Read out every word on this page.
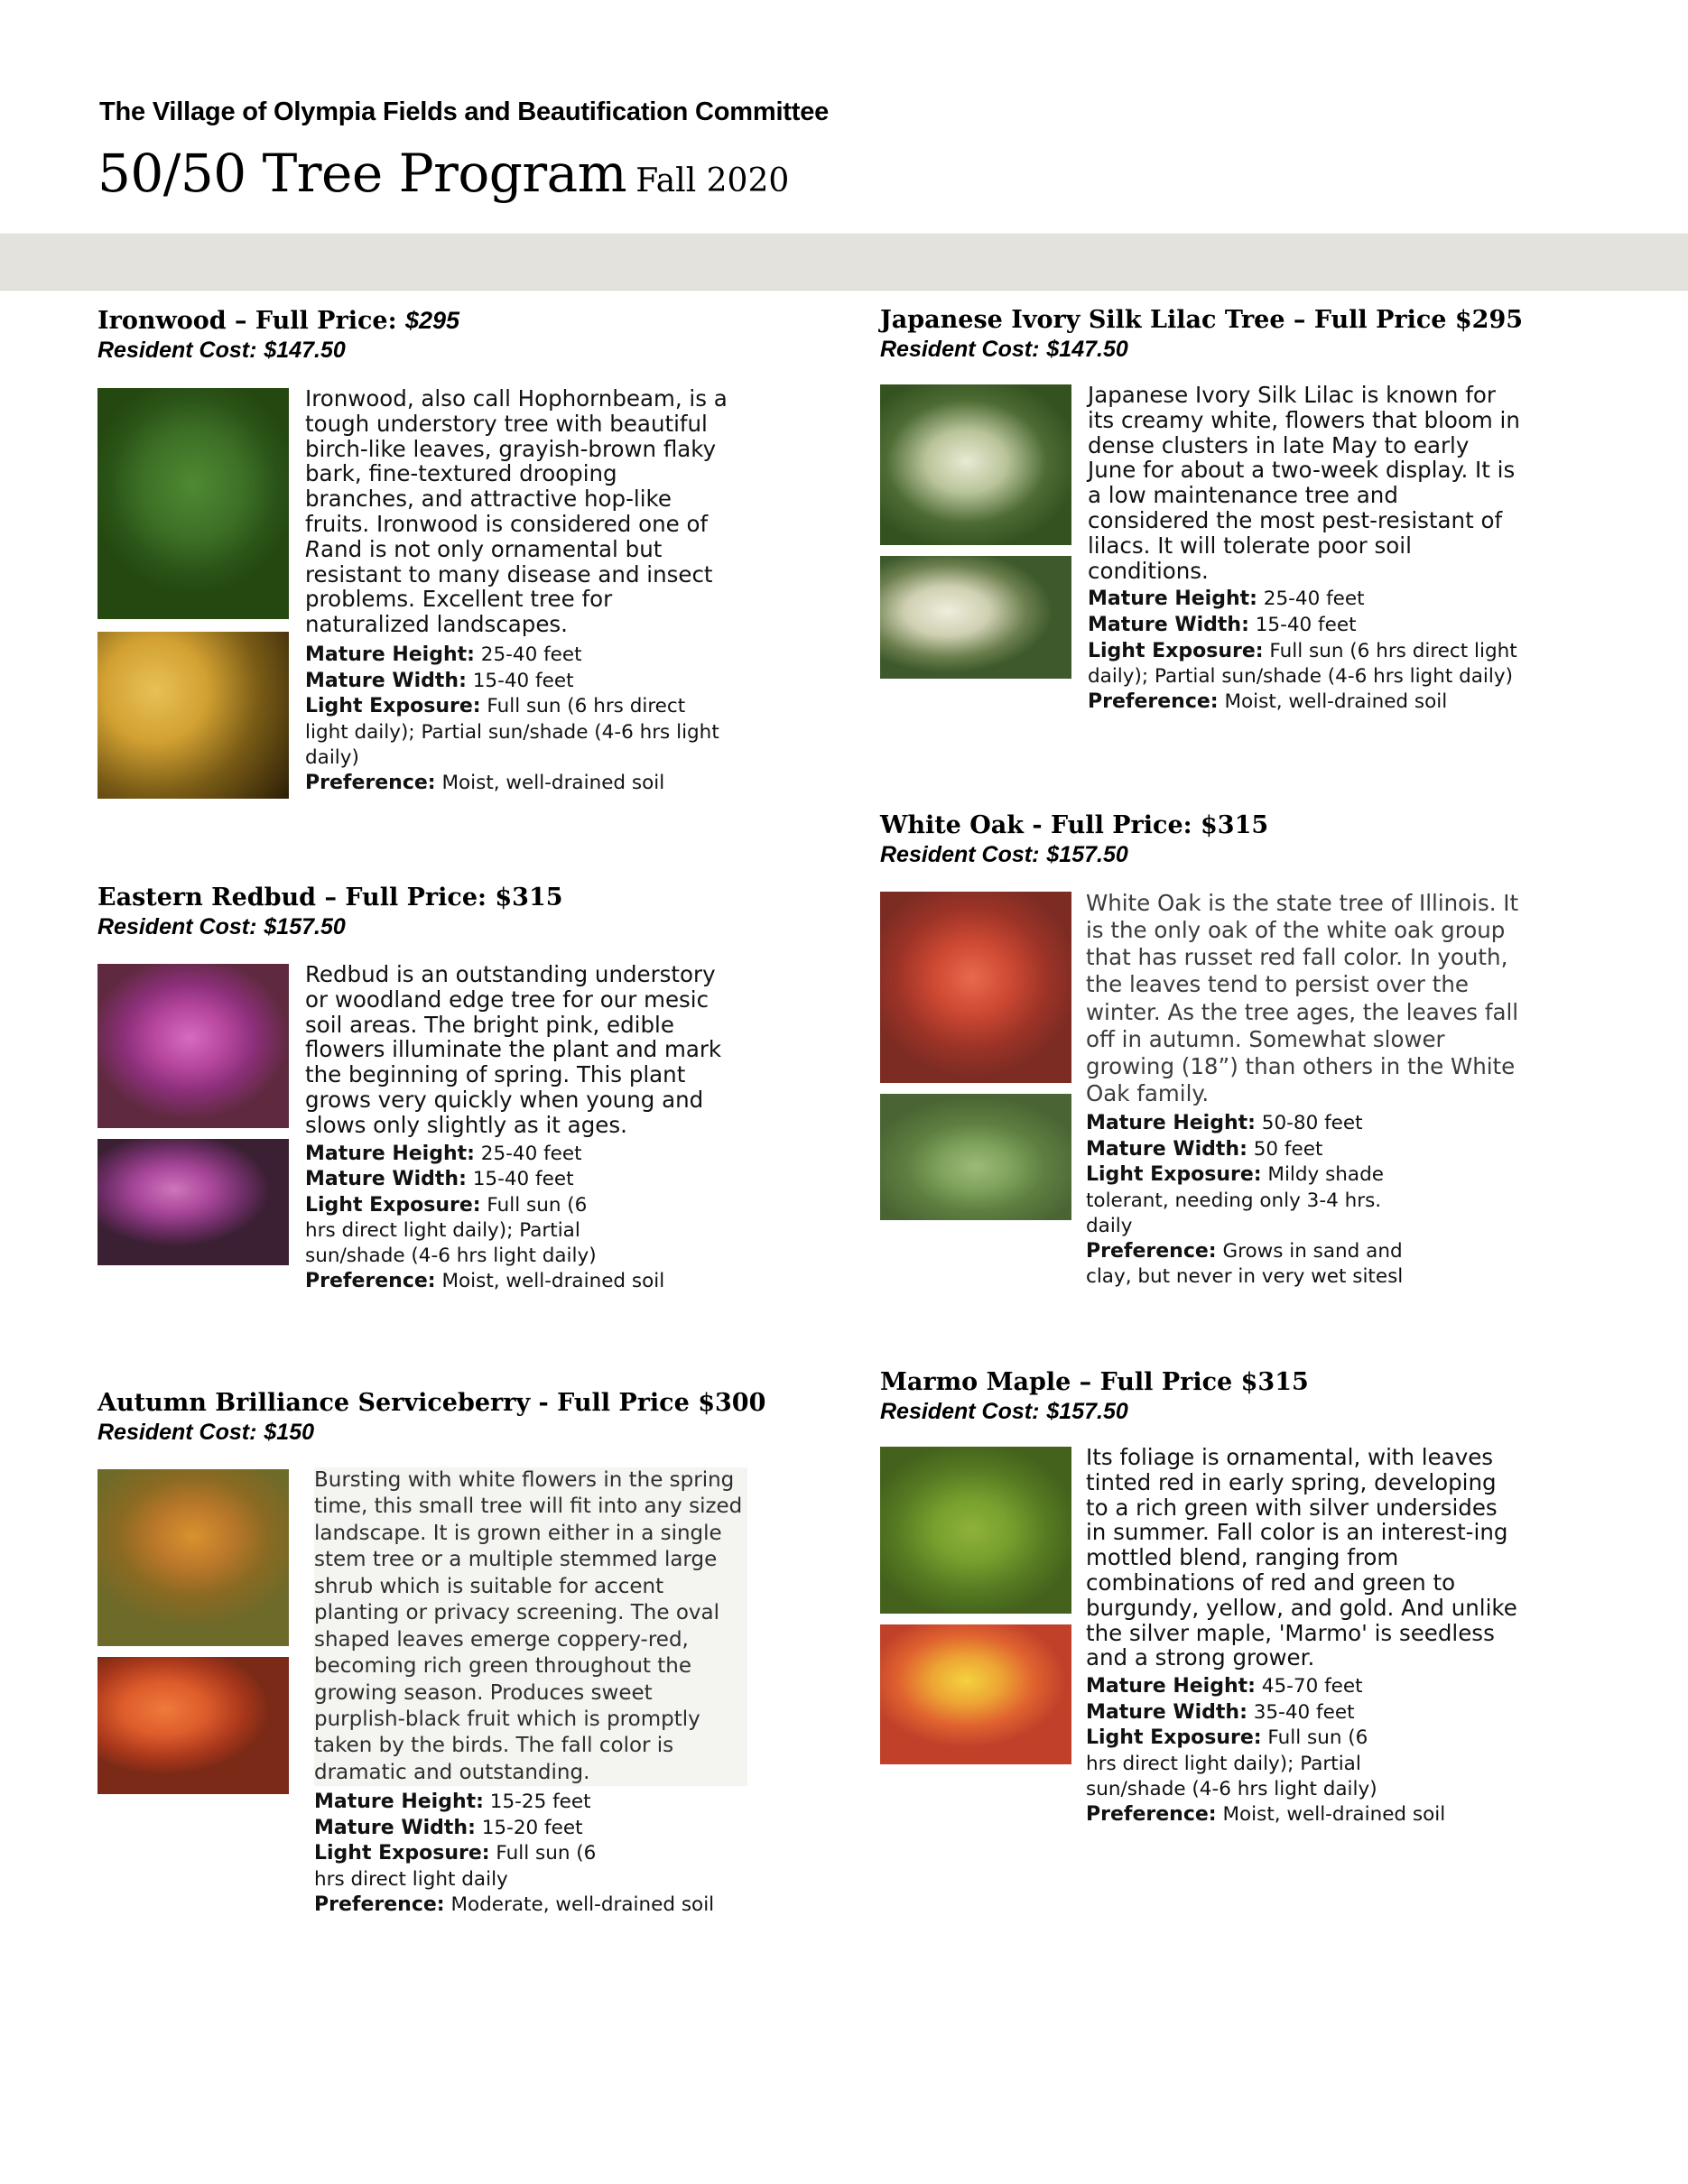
The Village of Olympia Fields and Beautification Committee
50/50 Tree Program Fall 2020
Ironwood – Full Price: $295
Resident Cost: $147.50

Ironwood, also call Hophornbeam, is a tough understory tree with beautiful birch-like leaves, grayish-brown flaky bark, fine-textured drooping branches, and attractive hop-like fruits. Ironwood is considered one of Rand is not only ornamental but resistant to many disease and insect problems. Excellent tree for naturalized landscapes.

Mature Height: 25-40 feet

Mature Width: 15-40 feet

Light Exposure: Full sun (6 hrs direct light daily); Partial sun/shade (4-6 hrs light daily)

Preference: Moist, well-drained soil

Eastern Redbud – Full Price: $315
Resident Cost: $157.50

Redbud is an outstanding understory or woodland edge tree for our mesic soil areas. The bright pink, edible flowers illuminate the plant and mark the beginning of spring. This plant grows very quickly when young and slows only slightly as it ages.

Mature Height: 25-40 feet

Mature Width: 15-40 feet

Light Exposure: Full sun (6 hrs direct light daily); Partial sun/shade (4-6 hrs light daily)

Preference: Moist, well-drained soil

Autumn Brilliance Serviceberry - Full Price $300
Resident Cost: $150

Bursting with white flowers in the spring time, this small tree will fit into any sized landscape. It is grown either in a single stem tree or a multiple stemmed large shrub which is suitable for accent planting or privacy screening. The oval shaped leaves emerge coppery-red, becoming rich green throughout the growing season. Produces sweet purplish-black fruit which is promptly taken by the birds. The fall color is dramatic and outstanding.

Mature Height: 15-25 feet

Mature Width: 15-20 feet

Light Exposure: Full sun (6 hrs direct light daily

Preference: Moderate, well-drained soil

Japanese Ivory Silk Lilac Tree – Full Price $295
Resident Cost: $147.50

Japanese Ivory Silk Lilac is known for its creamy white, flowers that bloom in dense clusters in late May to early June for about a two-week display. It is a low maintenance tree and considered the most pest-resistant of lilacs. It will tolerate poor soil conditions.

Mature Height: 25-40 feet

Mature Width: 15-40 feet

Light Exposure: Full sun (6 hrs direct light daily); Partial sun/shade (4-6 hrs light daily)

Preference: Moist, well-drained soil

White Oak - Full Price: $315
Resident Cost: $157.50

White Oak is the state tree of Illinois. It is the only oak of the white oak group that has russet red fall color. In youth, the leaves tend to persist over the winter. As the tree ages, the leaves fall off in autumn. Somewhat slower growing (18”) than others in the White Oak family.

Mature Height: 50-80 feet

Mature Width: 50 feet

Light Exposure: Mildy shade tolerant, needing only 3-4 hrs. daily

Preference: Grows in sand and clay, but never in very wet sitesl

Marmo Maple – Full Price $315
Resident Cost: $157.50

Its foliage is ornamental, with leaves tinted red in early spring, developing to a rich green with silver undersides in summer. Fall color is an interest-ing mottled blend, ranging from combinations of red and green to burgundy, yellow, and gold. And unlike the silver maple, 'Marmo' is seedless and a strong grower.

Mature Height: 45-70 feet

Mature Width: 35-40 feet

Light Exposure: Full sun (6 hrs direct light daily); Partial sun/shade (4-6 hrs light daily)

Preference: Moist, well-drained soil
